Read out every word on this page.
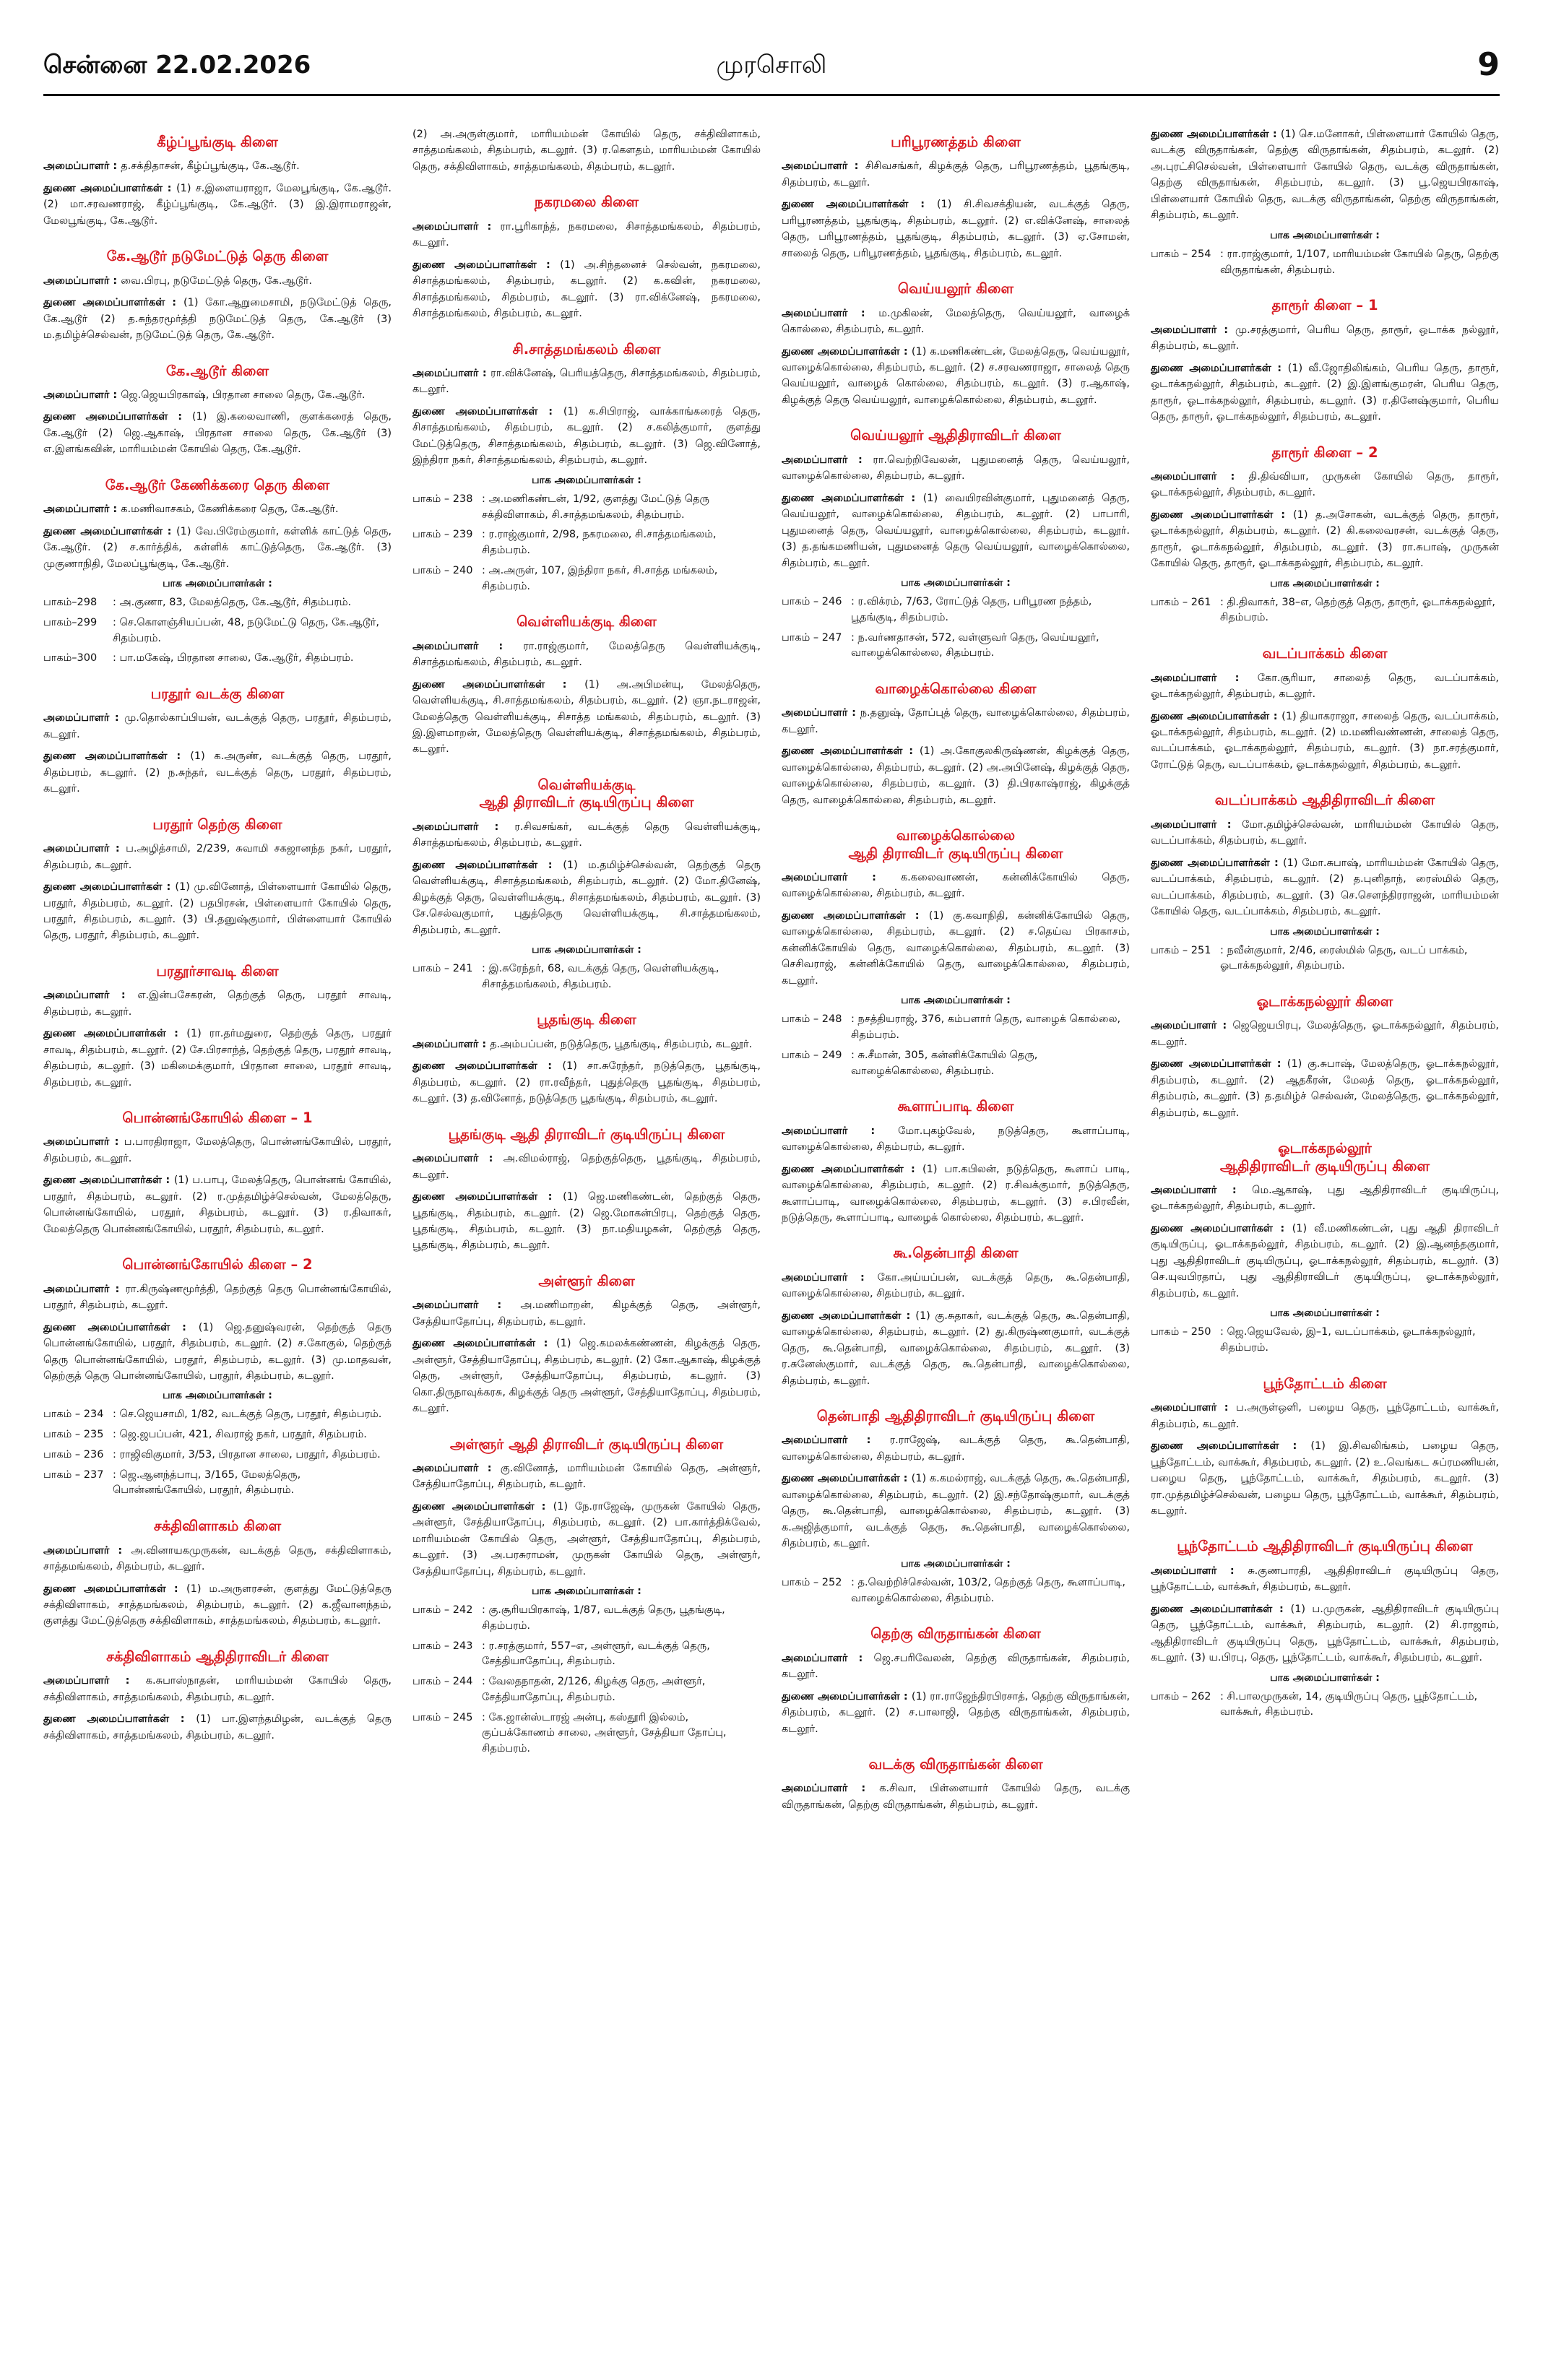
சென்னை 22.02.2026	முரசொலி	9
கீழ்ப்பூங்குடி கிளை

அமைப்பாளர் : த.சக்திதாசன், கீழ்ப்பூங்குடி, கே.ஆடூர்.

துணை அமைப்பாளர்கள் : (1) ச.இளையராஜா, மேலபூங்குடி, கே.ஆடூர். (2) மா.சரவணராஜ், கீழ்ப்பூங்குடி, கே.ஆடூர். (3) இ.இராமராஜன், மேலபூங்குடி, கே.ஆடூர்.

கே.ஆடூர் நடுமேட்டுத் தெரு கிளை

அமைப்பாளர் : வை.பிரபு, நடுமேட்டுத் தெரு, கே.ஆடூர்.

துணை அமைப்பாளர்கள் : (1) கோ.ஆறுமைசாமி, நடுமேட்டுத் தெரு, கே.ஆடூர் (2) த.சுந்தரமூர்த்தி நடுமேட்டுத் தெரு, கே.ஆடூர் (3) ம.தமிழ்ச்செல்வன், நடுமேட்டுத் தெரு, கே.ஆடூர்.

கே.ஆடூர் கிளை

அமைப்பாளர் : ஜெ.ஜெயபிரகாஷ், பிரதான சாலை தெரு, கே.ஆடூர்.

துணை அமைப்பாளர்கள் : (1) இ.கலைவாணி, குளக்கரைத் தெரு, கே.ஆடூர் (2) ஜெ.ஆகாஷ், பிரதான சாலை தெரு, கே.ஆடூர் (3) எ.இளங்கவின், மாரியம்மன் கோயில் தெரு, கே.ஆடூர்.

கே.ஆடூர் கேணிக்கரை தெரு கிளை

அமைப்பாளர் : க.மணிவாசகம், கேணிக்கரை தெரு, கே.ஆடூர்.

துணை அமைப்பாளர்கள் : (1) வே.பிரேம்குமார், கள்ளிக் காட்டுத் தெரு, கே.ஆடூர். (2) ச.கார்த்திக், கள்ளிக் காட்டுத்தெரு, கே.ஆடூர். (3) முகுணாநிதி, மேலப்பூங்குடி, கே.ஆடூர்.

பாக அமைப்பாளர்கள் :
பாகம்–298	: அ.குணா, 83, மேலத்தெரு, கே.ஆடூர், சிதம்பரம்.
பாகம்–299	: செ.கொளஞ்சியப்பன், 48, நடுமேட்டு தெரு, கே.ஆடூர், சிதம்பரம்.
பாகம்–300	: பா.மகேஷ், பிரதான சாலை, கே.ஆடூர், சிதம்பரம்.
பரதூர் வடக்கு கிளை

அமைப்பாளர் : மு.தொல்காப்பியன், வடக்குத் தெரு, பரதூர், சிதம்பரம், கடலூர்.

துணை அமைப்பாளர்கள் : (1) க.அருண், வடக்குத் தெரு, பரதூர், சிதம்பரம், கடலூர். (2) ந.சுந்தர், வடக்குத் தெரு, பரதூர், சிதம்பரம், கடலூர்.

பரதூர் தெற்கு கிளை

அமைப்பாளர் : ப.அழித்சாமி, 2/239, சுவாமி சகஜானந்த நகர், பரதூர், சிதம்பரம், கடலூர்.

துணை அமைப்பாளர்கள் : (1) மு.வினோத், பிள்ளையார் கோயில் தெரு, பரதூர், சிதம்பரம், கடலூர். (2) பதபிரசன், பிள்ளையார் கோயில் தெரு, பரதூர், சிதம்பரம், கடலூர். (3) பி.தனுஷ்குமார், பிள்ளையார் கோயில் தெரு, பரதூர், சிதம்பரம், கடலூர்.

பரதூர்சாவடி கிளை

அமைப்பாளர் : எ.இன்பசேகரன், தெற்குத் தெரு, பரதூர் சாவடி, சிதம்பரம், கடலூர்.

துணை அமைப்பாளர்கள் : (1) ரா.தர்மதுரை, தெற்குத் தெரு, பரதூர் சாவடி, சிதம்பரம், கடலூர். (2) சே.பிரசாந்த், தெற்குத் தெரு, பரதூர் சாவடி, சிதம்பரம், கடலூர். (3) மகிமைக்குமார், பிரதான சாலை, பரதூர் சாவடி, சிதம்பரம், கடலூர்.

பொன்னங்கோயில் கிளை – 1

அமைப்பாளர் : ப.பாரதிராஜா, மேலத்தெரு, பொன்னங்கோயில், பரதூர், சிதம்பரம், கடலூர்.

துணை அமைப்பாளர்கள் : (1) ப.பாபு, மேலத்தெரு, பொன்னங் கோயில், பரதூர், சிதம்பரம், கடலூர். (2) ர.முத்தமிழ்ச்செல்வன், மேலத்தெரு, பொன்னங்கோயில், பரதூர், சிதம்பரம், கடலூர். (3) ர.திவாகர், மேலத்தெரு பொன்னங்கோயில், பரதூர், சிதம்பரம், கடலூர்.

பொன்னங்கோயில் கிளை – 2

அமைப்பாளர் : ரா.கிருஷ்ணமூர்த்தி, தெற்குத் தெரு பொன்னங்கோயில், பரதூர், சிதம்பரம், கடலூர்.

துணை அமைப்பாளர்கள் : (1) ஜெ.தனுஷ்வரன், தெற்குத் தெரு பொன்னங்கோயில், பரதூர், சிதம்பரம், கடலூர். (2) ச.கோகுல், தெற்குத் தெரு பொன்னங்கோயில், பரதூர், சிதம்பரம், கடலூர். (3) மு.மாதவன், தெற்குத் தெரு பொன்னங்கோயில், பரதூர், சிதம்பரம், கடலூர்.

பாக அமைப்பாளர்கள் :
பாகம் – 234 : செ.ஜெயசாமி, 1/82, வடக்குத் தெரு, பரதூர், சிதம்பரம்.
பாகம் – 235 : ஜெ.ஜபப்பன், 421, சிவராஜ் நகர், பரதூர், சிதம்பரம்.
பாகம் – 236 : ராஜிவிகுமார், 3/53, பிரதான சாலை, பரதூர், சிதம்பரம்.
பாகம் – 237 : ஜெ.ஆனந்த்பாபு, 3/165, மேலத்தெரு, பொன்னங்கோயில், பரதூர், சிதம்பரம்.
சக்திவிளாகம் கிளை

அமைப்பாளர் : அ.வினாயகமுருகன், வடக்குத் தெரு, சக்திவிளாகம், சாத்தமங்கலம், சிதம்பரம், கடலூர்.

துணை அமைப்பாளர்கள் : (1) ம.அருளரசன், குளத்து மேட்டுத்தெரு சக்திவிளாகம், சாத்தமங்கலம், சிதம்பரம், கடலூர். (2) க.ஜீவானந்தம், குளத்து மேட்டுத்தெரு சக்திவிளாகம், சாத்தமங்கலம், சிதம்பரம், கடலூர்.

சக்திவிளாகம் ஆதிதிராவிடர் கிளை

அமைப்பாளர் : க.சுபாஸ்நாதன், மாரியம்மன் கோயில் தெரு, சக்திவிளாகம், சாத்தமங்கலம், சிதம்பரம், கடலூர்.

துணை அமைப்பாளர்கள் : (1) பா.இளந்தமிழன், வடக்குத் தெரு சக்திவிளாகம், சாத்தமங்கலம், சிதம்பரம், கடலூர்.

(2) அ.அருள்குமார், மாரியம்மன் கோயில் தெரு, சக்திவிளாகம், சாத்தமங்கலம், சிதம்பரம், கடலூர். (3) ர.கௌதம், மாரியம்மன் கோயில் தெரு, சக்திவிளாகம், சாத்தமங்கலம், சிதம்பரம், கடலூர்.

நகரமலை கிளை

அமைப்பாளர் : ரா.பூரிகாந்த், நகரமலை, சிசாத்தமங்கலம், சிதம்பரம், கடலூர்.

துணை அமைப்பாளர்கள் : (1) அ.சிந்தனைச் செல்வன், நகரமலை, சிசாத்தமங்கலம், சிதம்பரம், கடலூர். (2) க.கவின், நகரமலை, சிசாத்தமங்கலம், சிதம்பரம், கடலூர். (3) ரா.விக்னேஷ், நகரமலை, சிசாத்தமங்கலம், சிதம்பரம், கடலூர்.

சி.சாத்தமங்கலம் கிளை

அமைப்பாளர் : ரா.விக்னேஷ், பெரியத்தெரு, சிசாத்தமங்கலம், சிதம்பரம், கடலூர்.

துணை அமைப்பாளர்கள் : (1) க.சிபிராஜ், வாக்காங்கரைத் தெரு, சிசாத்தமங்கலம், சிதம்பரம், கடலூர். (2) ச.கலித்குமார், குளத்து மேட்டுத்தெரு, சிசாத்தமங்கலம், சிதம்பரம், கடலூர். (3) ஜெ.வினோத், இந்திரா நகர், சிசாத்தமங்கலம், சிதம்பரம், கடலூர்.

பாக அமைப்பாளர்கள் :
பாகம் – 238 : அ.மணிகண்டன், 1/92, குளத்து மேட்டுத் தெரு சக்திவிளாகம், சி.சாத்தமங்கலம், சிதம்பரம்.
பாகம் – 239 : ர.ராஜ்குமார், 2/98, நகரமலை, சி.சாத்தமங்கலம், சிதம்பரம்.
பாகம் – 240 : அ.அருள், 107, இந்திரா நகர், சி.சாத்த மங்கலம், சிதம்பரம்.
வெள்ளியக்குடி கிளை

அமைப்பாளர் : ரா.ராஜ்குமார், மேலத்தெரு வெள்ளியக்குடி, சிசாத்தமங்கலம், சிதம்பரம், கடலூர்.

துணை அமைப்பாளர்கள் : (1) அ.அபிமன்யு, மேலத்தெரு, வெள்ளியக்குடி, சி.சாத்தமங்கலம், சிதம்பரம், கடலூர். (2) ஞா.நடராஜன், மேலத்தெரு வெள்ளியக்குடி, சிசாத்த மங்கலம், சிதம்பரம், கடலூர். (3) இ.இளமாறன், மேலத்தெரு வெள்ளியக்குடி, சிசாத்தமங்கலம், சிதம்பரம், கடலூர்.

வெள்ளியக்குடி
ஆதி திராவிடர் குடியிருப்பு கிளை

அமைப்பாளர் : ர.சிவசங்கர், வடக்குத் தெரு வெள்ளியக்குடி, சிசாத்தமங்கலம், சிதம்பரம், கடலூர்.

துணை அமைப்பாளர்கள் : (1) ம.தமிழ்ச்செல்வன், தெற்குத் தெரு வெள்ளியக்குடி, சிசாத்தமங்கலம், சிதம்பரம், கடலூர். (2) மோ.தினேஷ், கிழக்குத் தெரு, வெள்ளியக்குடி, சிசாத்தமங்கலம், சிதம்பரம், கடலூர். (3) சே.செல்வகுமார், புதுத்தெரு வெள்ளியக்குடி, சி.சாத்தமங்கலம், சிதம்பரம், கடலூர்.

பாக அமைப்பாளர்கள் :
பாகம் – 241 : இ.சுரேந்தர், 68, வடக்குத் தெரு, வெள்ளியக்குடி, சிசாத்தமங்கலம், சிதம்பரம்.
பூதங்குடி கிளை

அமைப்பாளர் : த.அம்பப்பன், நடுத்தெரு, பூதங்குடி, சிதம்பரம், கடலூர்.

துணை அமைப்பாளர்கள் : (1) சா.சுரேந்தர், நடுத்தெரு, பூதங்குடி, சிதம்பரம், கடலூர். (2) ரா.ரவீந்தர், புதுத்தெரு பூதங்குடி, சிதம்பரம், கடலூர். (3) த.வினோத், நடுத்தெரு பூதங்குடி, சிதம்பரம், கடலூர்.

பூதங்குடி ஆதி திராவிடர் குடியிருப்பு கிளை

அமைப்பாளர் : அ.விமல்ராஜ், தெற்குத்தெரு, பூதங்குடி, சிதம்பரம், கடலூர்.

துணை அமைப்பாளர்கள் : (1) ஜெ.மணிகண்டன், தெற்குத் தெரு, பூதங்குடி, சிதம்பரம், கடலூர். (2) ஜெ.மோகன்பிரபு, தெற்குத் தெரு, பூதங்குடி, சிதம்பரம், கடலூர். (3) நா.மதியழகன், தெற்குத் தெரு, பூதங்குடி, சிதம்பரம், கடலூர்.

அள்ளூர் கிளை

அமைப்பாளர் : அ.மணிமாறன், கிழக்குத் தெரு, அள்ளூர், சேத்தியாதோப்பு, சிதம்பரம், கடலூர்.

துணை அமைப்பாளர்கள் : (1) ஜெ.கமலக்கண்ணன், கிழக்குத் தெரு, அள்ளூர், சேத்தியாதோப்பு, சிதம்பரம், கடலூர். (2) கோ.ஆகாஷ், கிழக்குத் தெரு, அள்ளூர், சேத்தியாதோப்பு, சிதம்பரம், கடலூர். (3) கொ.திருநாவுக்கரசு, கிழக்குத் தெரு அள்ளூர், சேத்தியாதோப்பு, சிதம்பரம், கடலூர்.

அள்ளூர் ஆதி திராவிடர் குடியிருப்பு கிளை

அமைப்பாளர் : கு.வினோத், மாரியம்மன் கோயில் தெரு, அள்ளூர், சேத்தியாதோப்பு, சிதம்பரம், கடலூர்.

துணை அமைப்பாளர்கள் : (1) நே.ராஜேஷ், முருகன் கோயில் தெரு, அள்ளூர், சேத்தியாதோப்பு, சிதம்பரம், கடலூர். (2) பா.கார்த்திக்வேல், மாரியம்மன் கோயில் தெரு, அள்ளூர், சேத்தியாதோப்பு, சிதம்பரம், கடலூர். (3) அ.பரசுராமன், முருகன் கோயில் தெரு, அள்ளூர், சேத்தியாதோப்பு, சிதம்பரம், கடலூர்.

பாக அமைப்பாளர்கள் :
பாகம் – 242 : கு.சூரியபிரகாஷ், 1/87, வடக்குத் தெரு, பூதங்குடி, சிதம்பரம்.
பாகம் – 243 : ர.சரத்குமார், 557–எ, அள்ளூர், வடக்குத் தெரு, சேத்தியாதோப்பு, சிதம்பரம்.
பாகம் – 244 : வேலதநாதன், 2/126, கிழக்கு தெரு, அள்ளூர், சேத்தியாதோப்பு, சிதம்பரம்.
பாகம் – 245 : கே.ஜான்ஸ்டாரஜ் அன்பு, கஸ்தூரி இல்லம், குப்பக்கோணம் சாலை, அள்ளூர், சேத்தியா தோப்பு, சிதம்பரம்.
பரிபூரணத்தம் கிளை

அமைப்பாளர் : சிசிவசங்கர், கிழக்குத் தெரு, பரிபூரணத்தம், பூதங்குடி, சிதம்பரம், கடலூர்.

துணை அமைப்பாளர்கள் : (1) சி.சிவசக்தியன், வடக்குத் தெரு, பரிபூரணத்தம், பூதங்குடி, சிதம்பரம், கடலூர். (2) எ.விக்னேஷ், சாலைத் தெரு, பரிபூரணத்தம், பூதங்குடி, சிதம்பரம், கடலூர். (3) ஏ.சோமன், சாலைத் தெரு, பரிபூரணத்தம், பூதங்குடி, சிதம்பரம், கடலூர்.

வெய்யலூர் கிளை

அமைப்பாளர் : ம.முகிலன், மேலத்தெரு, வெய்யலூர், வாழைக் கொல்லை, சிதம்பரம், கடலூர்.

துணை அமைப்பாளர்கள் : (1) க.மணிகண்டன், மேலத்தெரு, வெய்யலூர், வாழைக்கொல்லை, சிதம்பரம், கடலூர். (2) ச.சரவணராஜா, சாலைத் தெரு வெய்யலூர், வாழைக் கொல்லை, சிதம்பரம், கடலூர். (3) ர.ஆகாஷ், கிழக்குத் தெரு வெய்யலூர், வாழைக்கொல்லை, சிதம்பரம், கடலூர்.

வெய்யலூர் ஆதிதிராவிடர் கிளை

அமைப்பாளர் : ரா.வெற்றிவேலன், புதுமனைத் தெரு, வெய்யலூர், வாழைக்கொல்லை, சிதம்பரம், கடலூர்.

துணை அமைப்பாளர்கள் : (1) வையிரவின்குமார், புதுமனைத் தெரு, வெய்யலூர், வாழைக்கொல்லை, சிதம்பரம், கடலூர். (2) பாபாரி, புதுமனைத் தெரு, வெய்யலூர், வாழைக்கொல்லை, சிதம்பரம், கடலூர். (3) த.தங்கமணியன், புதுமனைத் தெரு வெய்யலூர், வாழைக்கொல்லை, சிதம்பரம், கடலூர்.

பாக அமைப்பாளர்கள் :
பாகம் – 246 : ர.விக்ரம், 7/63, ரோட்டுத் தெரு, பரிபூரண நத்தம், பூதங்குடி, சிதம்பரம்.
பாகம் – 247 : ந.வர்ணதாசன், 572, வள்ளுவர் தெரு, வெய்யலூர், வாழைக்கொல்லை, சிதம்பரம்.
வாழைக்கொல்லை கிளை

அமைப்பாளர் : ந.தனுஷ், தோப்புத் தெரு, வாழைக்கொல்லை, சிதம்பரம், கடலூர்.

துணை அமைப்பாளர்கள் : (1) அ.கோகுலகிருஷ்ணன், கிழக்குத் தெரு, வாழைக்கொல்லை, சிதம்பரம், கடலூர். (2) அ.அபினேஷ், கிழக்குத் தெரு, வாழைக்கொல்லை, சிதம்பரம், கடலூர். (3) தி.பிரகாஷ்ராஜ், கிழக்குத் தெரு, வாழைக்கொல்லை, சிதம்பரம், கடலூர்.

வாழைக்கொல்லை
ஆதி திராவிடர் குடியிருப்பு கிளை

அமைப்பாளர் : க.கலைவாணன், கன்னிக்கோயில் தெரு, வாழைக்கொல்லை, சிதம்பரம், கடலூர்.

துணை அமைப்பாளர்கள் : (1) கு.கவாநிதி, கன்னிக்கோயில் தெரு, வாழைக்கொல்லை, சிதம்பரம், கடலூர். (2) ச.தெய்வ பிரகாசம், கன்னிக்கோயில் தெரு, வாழைக்கொல்லை, சிதம்பரம், கடலூர். (3) செசிவராஜ், கன்னிக்கோயில் தெரு, வாழைக்கொல்லை, சிதம்பரம், கடலூர்.

பாக அமைப்பாளர்கள் :
பாகம் – 248 : நசத்தியராஜ், 376, கம்பளார் தெரு, வாழைக் கொல்லை, சிதம்பரம்.
பாகம் – 249 : சு.சீமான், 305, கன்னிக்கோயில் தெரு, வாழைக்கொல்லை, சிதம்பரம்.
கூளாப்பாடி கிளை

அமைப்பாளர் : மோ.புகழ்வேல், நடுத்தெரு, கூளாப்பாடி, வாழைக்கொல்லை, சிதம்பரம், கடலூர்.

துணை அமைப்பாளர்கள் : (1) பா.கபிலன், நடுத்தெரு, கூளாப் பாடி, வாழைக்கொல்லை, சிதம்பரம், கடலூர். (2) ர.சிவக்குமார், நடுத்தெரு, கூளாப்பாடி, வாழைக்கொல்லை, சிதம்பரம், கடலூர். (3) ச.பிரவீன், நடுத்தெரு, கூளாப்பாடி, வாழைக் கொல்லை, சிதம்பரம், கடலூர்.

கூ.தென்பாதி கிளை

அமைப்பாளர் : கோ.அய்யப்பன், வடக்குத் தெரு, கூ.தென்பாதி, வாழைக்கொல்லை, சிதம்பரம், கடலூர்.

துணை அமைப்பாளர்கள் : (1) கு.சுதாகர், வடக்குத் தெரு, கூ.தென்பாதி, வாழைக்கொல்லை, சிதம்பரம், கடலூர். (2) து.கிருஷ்ணகுமார், வடக்குத் தெரு, கூ.தென்பாதி, வாழைக்கொல்லை, சிதம்பரம், கடலூர். (3) ர.சுனேஸ்குமார், வடக்குத் தெரு, கூ.தென்பாதி, வாழைக்கொல்லை, சிதம்பரம், கடலூர்.

தென்பாதி ஆதிதிராவிடர் குடியிருப்பு கிளை

அமைப்பாளர் : ர.ராஜேஷ், வடக்குத் தெரு, கூ.தென்பாதி, வாழைக்கொல்லை, சிதம்பரம், கடலூர்.

துணை அமைப்பாளர்கள் : (1) க.கமல்ராஜ், வடக்குத் தெரு, கூ.தென்பாதி, வாழைக்கொல்லை, சிதம்பரம், கடலூர். (2) இ.சந்தோஷ்குமார், வடக்குத் தெரு, கூ.தென்பாதி, வாழைக்கொல்லை, சிதம்பரம், கடலூர். (3) க.அஜித்குமார், வடக்குத் தெரு, கூ.தென்பாதி, வாழைக்கொல்லை, சிதம்பரம், கடலூர்.

பாக அமைப்பாளர்கள் :
பாகம் – 252 : த.வெற்றிச்செல்வன், 103/2, தெற்குத் தெரு, கூளாப்பாடி, வாழைக்கொல்லை, சிதம்பரம்.
தெற்கு விருதாங்கன் கிளை

அமைப்பாளர் : ஜெ.சபரிவேலன், தெற்கு விருதாங்கன், சிதம்பரம், கடலூர்.

துணை அமைப்பாளர்கள் : (1) ரா.ராஜேந்திரபிரசாத், தெற்கு விருதாங்கன், சிதம்பரம், கடலூர். (2) ச.பாலாஜி, தெற்கு விருதாங்கன், சிதம்பரம், கடலூர்.

வடக்கு விருதாங்கன் கிளை

அமைப்பாளர் : க.சிவா, பிள்ளையார் கோயில் தெரு, வடக்கு விருதாங்கன், தெற்கு விருதாங்கன், சிதம்பரம், கடலூர்.

துணை அமைப்பாளர்கள் : (1) செ.மனோகர், பிள்ளையார் கோயில் தெரு, வடக்கு விருதாங்கன், தெற்கு விருதாங்கன், சிதம்பரம், கடலூர். (2) அ.புரட்சிசெல்வன், பிள்ளையார் கோயில் தெரு, வடக்கு விருதாங்கன், தெற்கு விருதாங்கன், சிதம்பரம், கடலூர். (3) பூ.ஜெயபிரகாஷ், பிள்ளையார் கோயில் தெரு, வடக்கு விருதாங்கன், தெற்கு விருதாங்கன், சிதம்பரம், கடலூர்.

பாக அமைப்பாளர்கள் :
பாகம் – 254 : ரா.ராஜ்குமார், 1/107, மாரியம்மன் கோயில் தெரு, தெற்கு விருதாங்கன், சிதம்பரம்.
தாரூர் கிளை – 1

அமைப்பாளர் : மு.சரத்குமார், பெரிய தெரு, தாரூர், ஒடாக்க நல்லூர், சிதம்பரம், கடலூர்.

துணை அமைப்பாளர்கள் : (1) வீ.ஜோதிலிங்கம், பெரிய தெரு, தாரூர், ஒடாக்கநல்லூர், சிதம்பரம், கடலூர். (2) இ.இளங்குமரன், பெரிய தெரு, தாரூர், ஓடாக்கநல்லூர், சிதம்பரம், கடலூர். (3) ர.தினேஷ்குமார், பெரிய தெரு, தாரூர், ஓடாக்கநல்லூர், சிதம்பரம், கடலூர்.

தாரூர் கிளை – 2

அமைப்பாளர் : தி.திவ்வியா, முருகன் கோயில் தெரு, தாரூர், ஓடாக்கநல்லூர், சிதம்பரம், கடலூர்.

துணை அமைப்பாளர்கள் : (1) த.அசோகன், வடக்குத் தெரு, தாரூர், ஓடாக்கநல்லூர், சிதம்பரம், கடலூர். (2) கி.கலைவரசன், வடக்குத் தெரு, தாரூர், ஓடாக்கநல்லூர், சிதம்பரம், கடலூர். (3) ரா.சுபாஷ், முருகன் கோயில் தெரு, தாரூர், ஓடாக்கநல்லூர், சிதம்பரம், கடலூர்.

பாக அமைப்பாளர்கள் :
பாகம் – 261 : தி.திவாகர், 38–எ, தெற்குத் தெரு, தாரூர், ஓடாக்கநல்லூர், சிதம்பரம்.
வடப்பாக்கம் கிளை

அமைப்பாளர் : கோ.சூரியா, சாலைத் தெரு, வடப்பாக்கம், ஓடாக்கநல்லூர், சிதம்பரம், கடலூர்.

துணை அமைப்பாளர்கள் : (1) தியாகராஜா, சாலைத் தெரு, வடப்பாக்கம், ஓடாக்கநல்லூர், சிதம்பரம், கடலூர். (2) ம.மணிவண்ணன், சாலைத் தெரு, வடப்பாக்கம், ஓடாக்கநல்லூர், சிதம்பரம், கடலூர். (3) நா.சரத்குமார், ரோட்டுத் தெரு, வடப்பாக்கம், ஓடாக்கநல்லூர், சிதம்பரம், கடலூர்.

வடப்பாக்கம் ஆதிதிராவிடர் கிளை

அமைப்பாளர் : மோ.தமிழ்ச்செல்வன், மாரியம்மன் கோயில் தெரு, வடப்பாக்கம், சிதம்பரம், கடலூர்.

துணை அமைப்பாளர்கள் : (1) மோ.சுபாஷ், மாரியம்மன் கோயில் தெரு, வடப்பாக்கம், சிதம்பரம், கடலூர். (2) த.புனிதாந், ரைஸ்மில் தெரு, வடப்பாக்கம், சிதம்பரம், கடலூர். (3) செ.சௌந்திரராஜன், மாரியம்மன் கோயில் தெரு, வடப்பாக்கம், சிதம்பரம், கடலூர்.

பாக அமைப்பாளர்கள் :
பாகம் – 251 : நவீன்குமார், 2/46, ரைஸ்மில் தெரு, வடப் பாக்கம், ஓடாக்கநல்லூர், சிதம்பரம்.
ஓடாக்கநல்லூர் கிளை

அமைப்பாளர் : ஜெஜெயபிரபு, மேலத்தெரு, ஓடாக்கநல்லூர், சிதம்பரம், கடலூர்.

துணை அமைப்பாளர்கள் : (1) கு.சுபாஷ், மேலத்தெரு, ஓடாக்கநல்லூர், சிதம்பரம், கடலூர். (2) ஆதகீரன், மேலத் தெரு, ஓடாக்கநல்லூர், சிதம்பரம், கடலூர். (3) த.தமிழ்ச் செல்வன், மேலத்தெரு, ஓடாக்கநல்லூர், சிதம்பரம், கடலூர்.

ஓடாக்கநல்லூர்
ஆதிதிராவிடர் குடியிருப்பு கிளை

அமைப்பாளர் : மெ.ஆகாஷ், புது ஆதிதிராவிடர் குடியிருப்பு, ஓடாக்கநல்லூர், சிதம்பரம், கடலூர்.

துணை அமைப்பாளர்கள் : (1) வீ.மணிகண்டன், புது ஆதி திராவிடர் குடியிருப்பு, ஓடாக்கநல்லூர், சிதம்பரம், கடலூர். (2) இ.ஆனந்தகுமார், புது ஆதிதிராவிடர் குடியிருப்பு, ஓடாக்கநல்லூர், சிதம்பரம், கடலூர். (3) செ.யுவபிரதாப், புது ஆதிதிராவிடர் குடியிருப்பு, ஓடாக்கநல்லூர், சிதம்பரம், கடலூர்.

பாக அமைப்பாளர்கள் :
பாகம் – 250 : ஜெ.ஜெயவேல், இ–1, வடப்பாக்கம், ஓடாக்கநல்லூர், சிதம்பரம்.
பூந்தோட்டம் கிளை

அமைப்பாளர் : ப.அருள்ஒளி, பழைய தெரு, பூந்தோட்டம், வாக்கூர், சிதம்பரம், கடலூர்.

துணை அமைப்பாளர்கள் : (1) இ.சிவலிங்கம், பழைய தெரு, பூந்தோட்டம், வாக்கூர், சிதம்பரம், கடலூர். (2) உ.வெங்கட சுப்ரமணியன், பழைய தெரு, பூந்தோட்டம், வாக்கூர், சிதம்பரம், கடலூர். (3) ரா.முத்தமிழ்ச்செல்வன், பழைய தெரு, பூந்தோட்டம், வாக்கூர், சிதம்பரம், கடலூர்.

பூந்தோட்டம் ஆதிதிராவிடர் குடியிருப்பு கிளை

அமைப்பாளர் : சு.குணபாரதி, ஆதிதிராவிடர் குடியிருப்பு தெரு, பூந்தோட்டம், வாக்கூர், சிதம்பரம், கடலூர்.

துணை அமைப்பாளர்கள் : (1) ப.முருகன், ஆதிதிராவிடர் குடியிருப்பு தெரு, பூந்தோட்டம், வாக்கூர், சிதம்பரம், கடலூர். (2) சி.ராஜாம், ஆதிதிராவிடர் குடியிருப்பு தெரு, பூந்தோட்டம், வாக்கூர், சிதம்பரம், கடலூர். (3) ய.பிரபு, தெரு, பூந்தோட்டம், வாக்கூர், சிதம்பரம், கடலூர்.

பாக அமைப்பாளர்கள் :
பாகம் – 262 : சி.பாலமுருகன், 14, குடியிருப்பு தெரு, பூந்தோட்டம், வாக்கூர், சிதம்பரம்.
